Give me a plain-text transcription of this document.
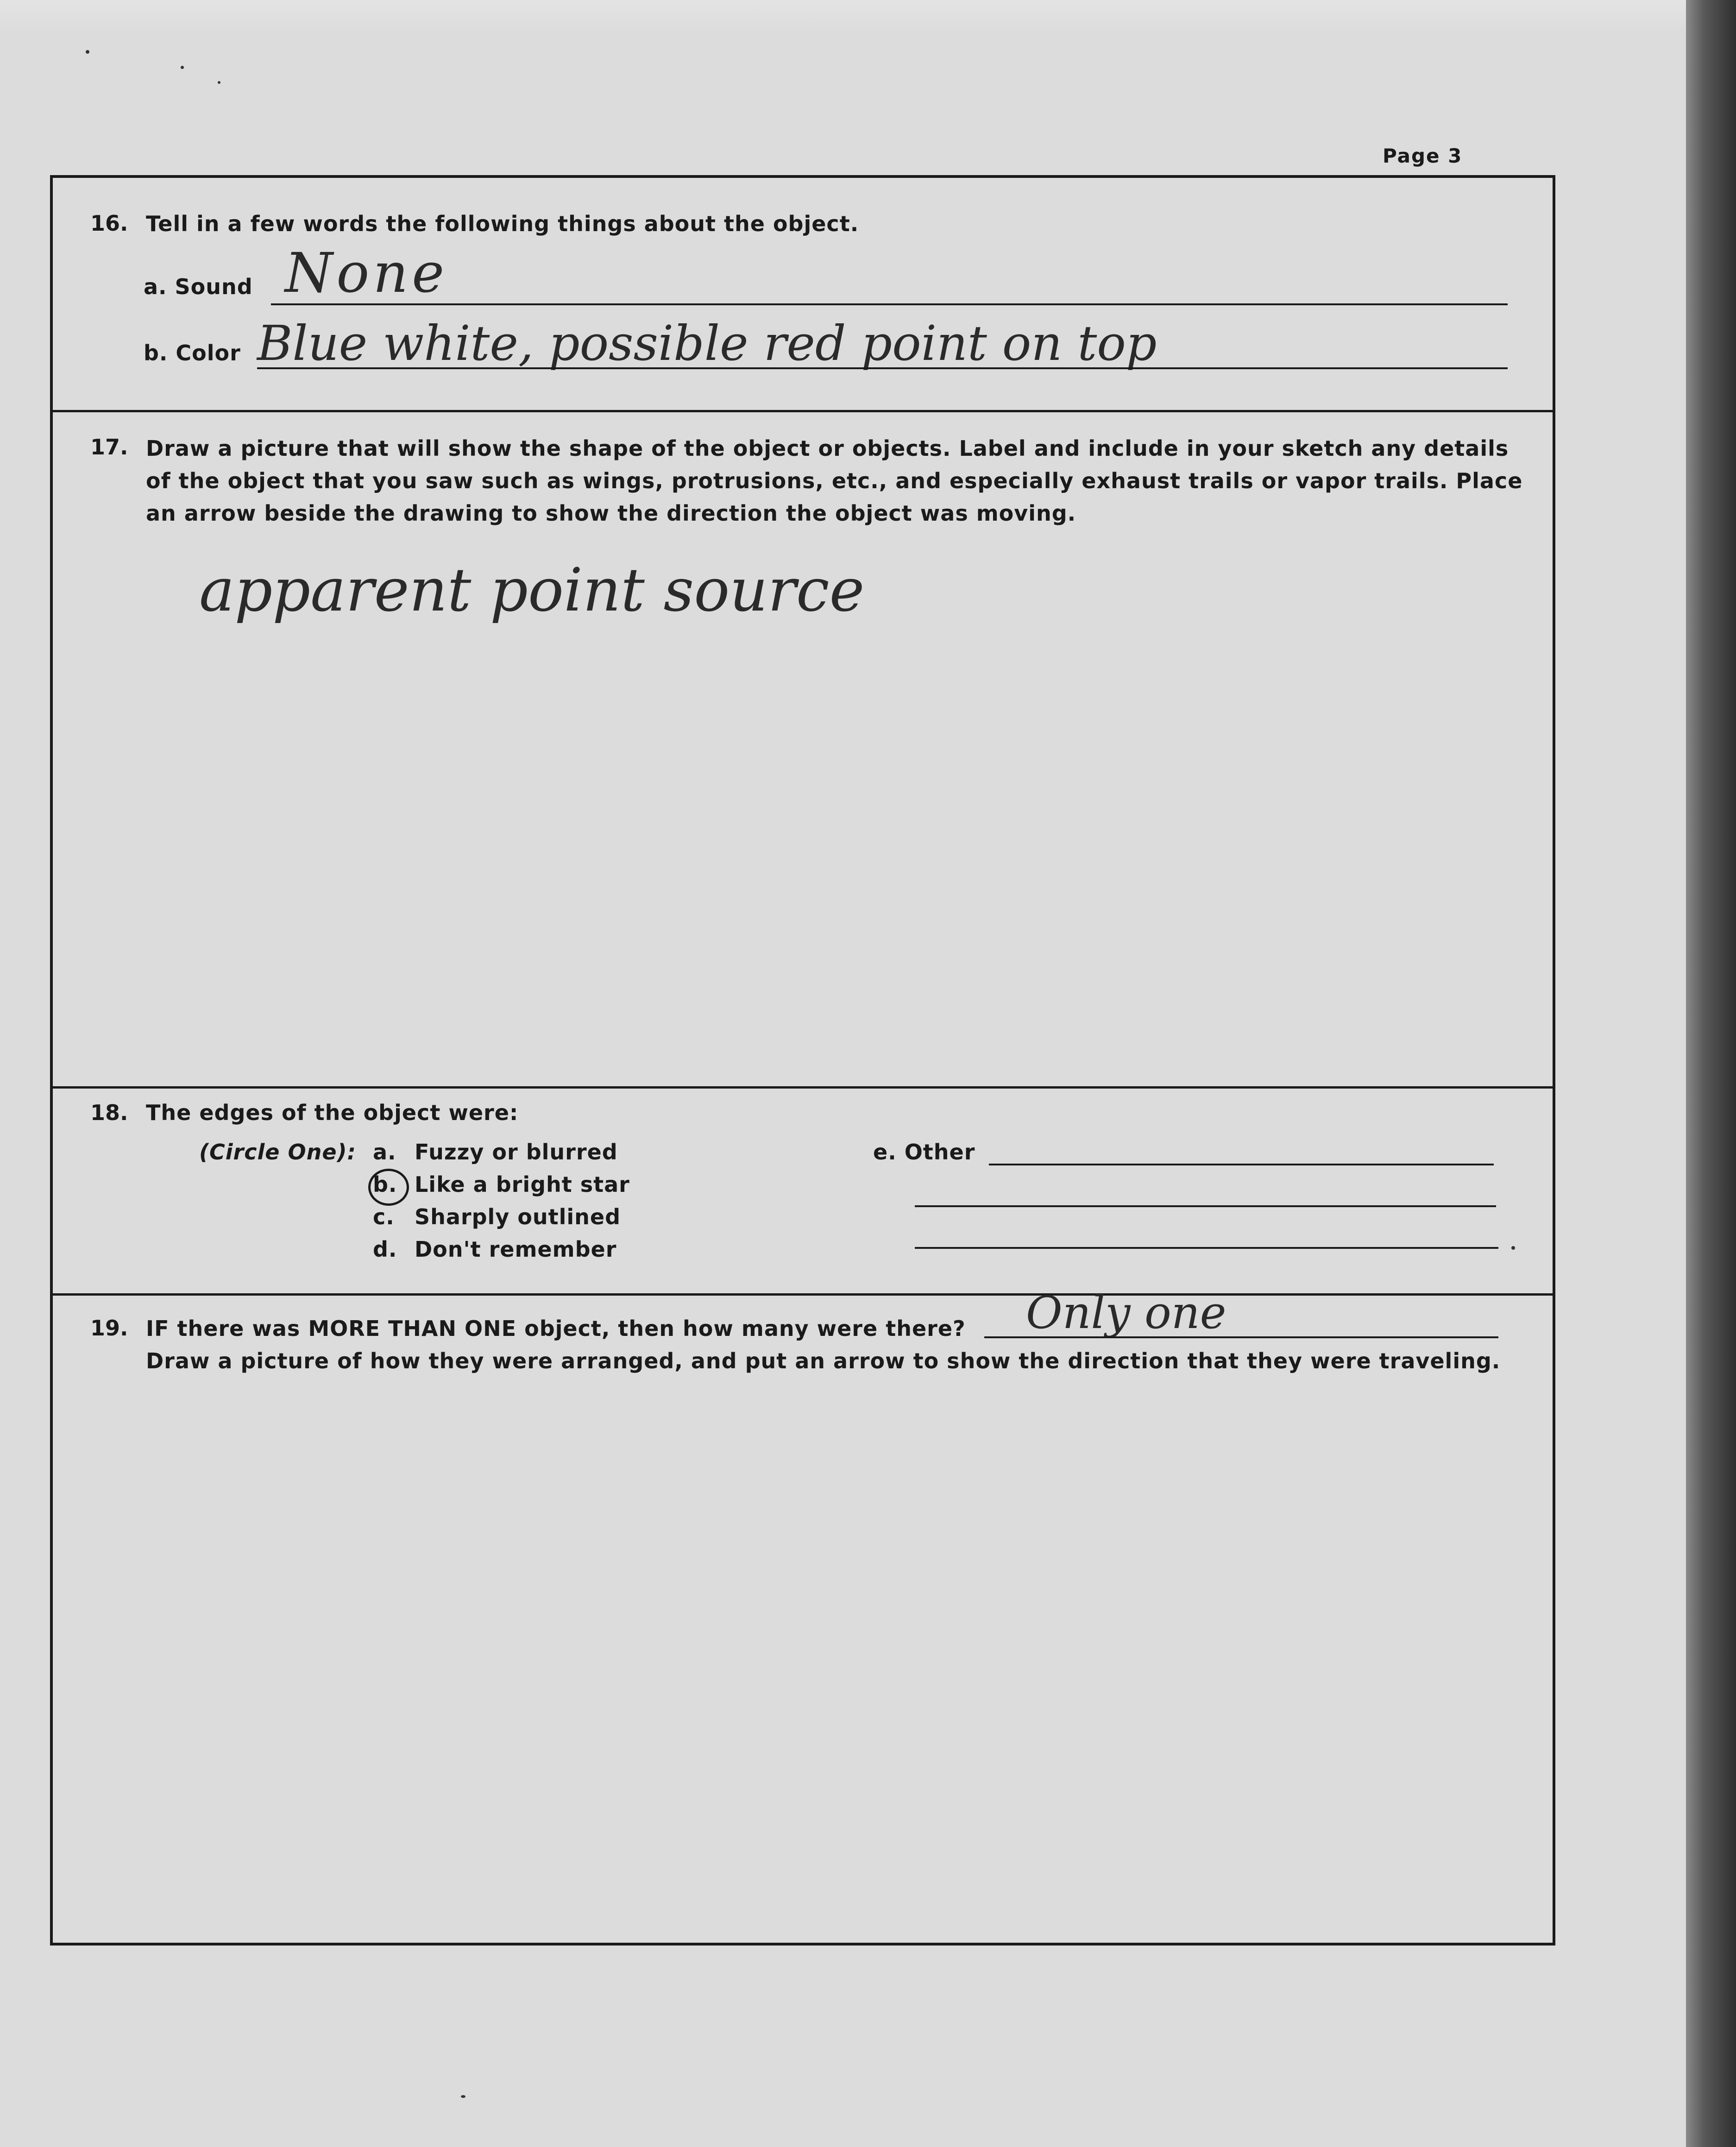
Page 3
16. Tell in a few words the following things about the object.
a. Sound None
b. Color Blue white, possible red point on top
17. Draw a picture that will show the shape of the object or objects. Label and include in your sketch any details
of the object that you saw such as wings, protrusions, etc., and especially exhaust trails or vapor trails. Place
an arrow beside the drawing to show the direction the object was moving.
apparent point source
18. The edges of the object were:
(Circle One): a. Fuzzy or blurred
b. Like a bright star
c. Sharply outlined
d. Don't remember
e. Other
19. IF there was MORE THAN ONE object, then how many were there? Only one
Draw a picture of how they were arranged, and put an arrow to show the direction that they were traveling.
